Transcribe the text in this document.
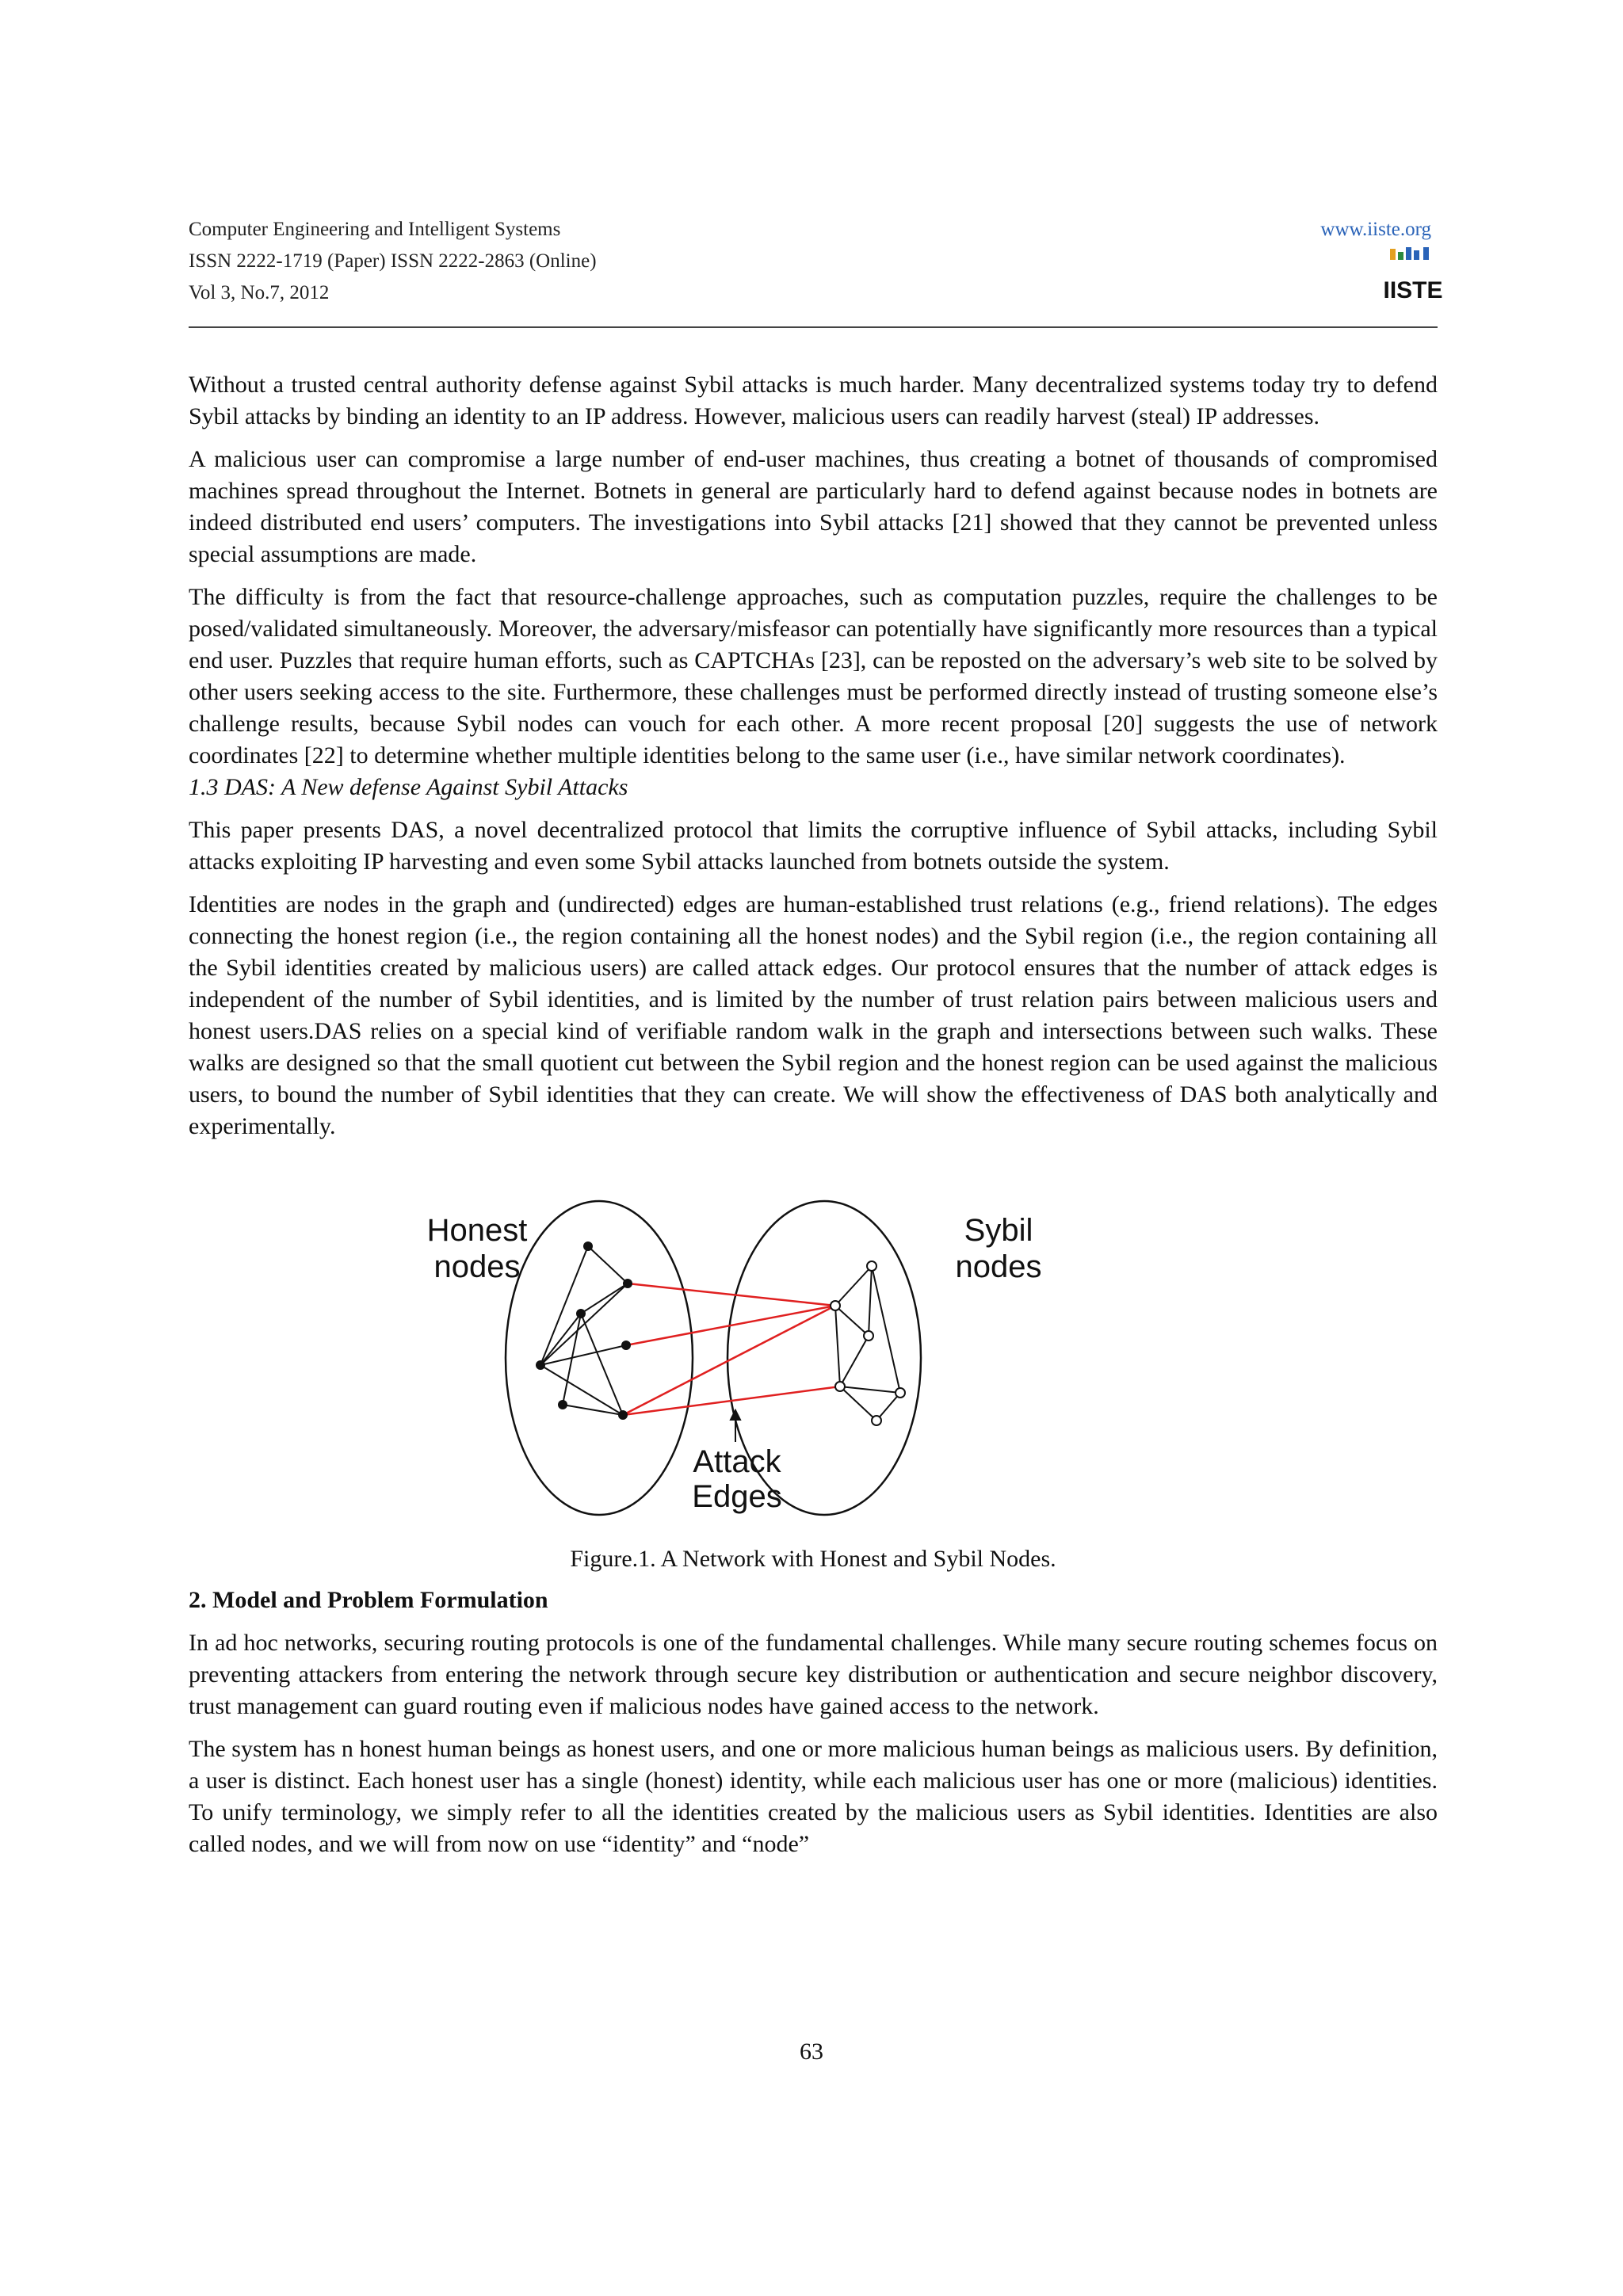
Computer Engineering and Intelligent Systems
ISSN 2222-1719 (Paper) ISSN 2222-2863 (Online)
Vol 3, No.7, 2012
www.iiste.org
IISTE

Without a trusted central authority defense against Sybil attacks is much harder. Many decentralized systems today try to defend Sybil attacks by binding an identity to an IP address. However, malicious users can readily harvest (steal) IP addresses.

A malicious user can compromise a large number of end-user machines, thus creating a botnet of thousands of compromised machines spread throughout the Internet. Botnets in general are particularly hard to defend against because nodes in botnets are indeed distributed end users’ computers. The investigations into Sybil attacks [21] showed that they cannot be prevented unless special assumptions are made.

The difficulty is from the fact that resource-challenge approaches, such as computation puzzles, require the challenges to be posed/validated simultaneously. Moreover, the adversary/misfeasor can potentially have significantly more resources than a typical end user. Puzzles that require human efforts, such as CAPTCHAs [23], can be reposted on the adversary’s web site to be solved by other users seeking access to the site. Furthermore, these challenges must be performed directly instead of trusting someone else’s challenge results, because Sybil nodes can vouch for each other. A more recent proposal [20] suggests the use of network coordinates [22] to determine whether multiple identities belong to the same user (i.e., have similar network coordinates).

1.3 DAS: A New defense Against Sybil Attacks

This paper presents DAS, a novel decentralized protocol that limits the corruptive influence of Sybil attacks, including Sybil attacks exploiting IP harvesting and even some Sybil attacks launched from botnets outside the system.

Identities are nodes in the graph and (undirected) edges are human-established trust relations (e.g., friend relations). The edges connecting the honest region (i.e., the region containing all the honest nodes) and the Sybil region (i.e., the region containing all the Sybil identities created by malicious users) are called attack edges. Our protocol ensures that the number of attack edges is independent of the number of Sybil identities, and is limited by the number of trust relation pairs between malicious users and honest users.DAS relies on a special kind of verifiable random walk in the graph and intersections between such walks. These walks are designed so that the small quotient cut between the Sybil region and the honest region can be used against the malicious users, to bound the number of Sybil identities that they can create. We will show the effectiveness of DAS both analytically and experimentally.

Honest
nodes
Sybil
nodes
Attack
Edges

Figure.1. A Network with Honest and Sybil Nodes.

2. Model and Problem Formulation

In ad hoc networks, securing routing protocols is one of the fundamental challenges. While many secure routing schemes focus on preventing attackers from entering the network through secure key distribution or authentication and secure neighbor discovery, trust management can guard routing even if malicious nodes have gained access to the network.

The system has n honest human beings as honest users, and one or more malicious human beings as malicious users. By definition, a user is distinct. Each honest user has a single (honest) identity, while each malicious user has one or more (malicious) identities. To unify terminology, we simply refer to all the identities created by the malicious users as Sybil identities. Identities are also called nodes, and we will from now on use “identity” and “node”

63
